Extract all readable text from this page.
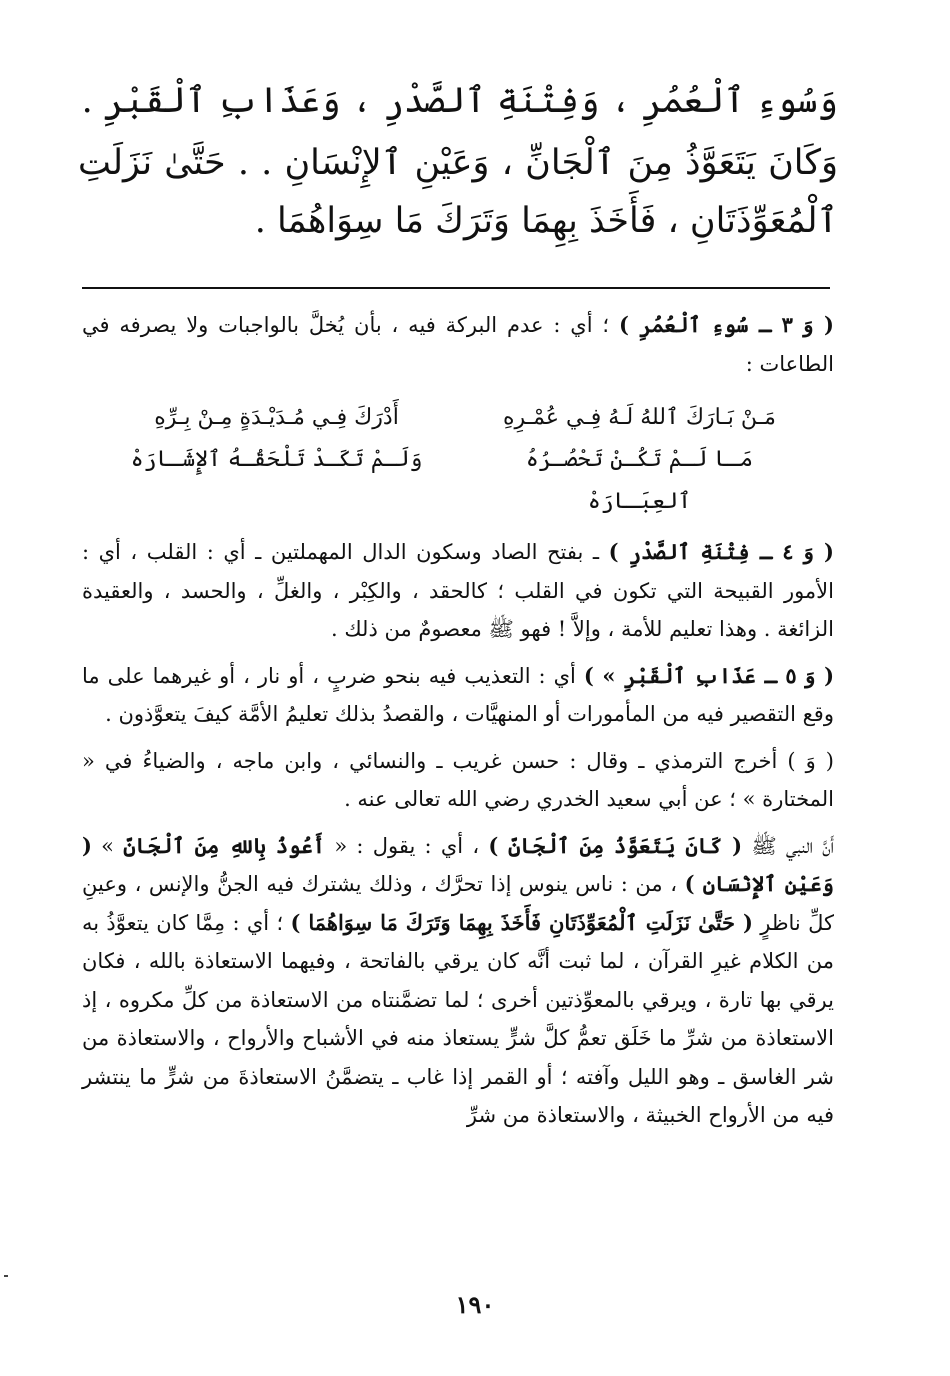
وَسُوءِ ٱلْعُمُرِ ، وَفِتْنَةِ ٱلصَّدْرِ ، وَعَذَابِ ٱلْقَبْرِ .

وَكَانَ يَتَعَوَّذُ مِنَ ٱلْجَانِّ ، وَعَيْنِ ٱلإِنْسَانِ . . حَتَّىٰ نَزَلَتِ ٱلْمُعَوِّذَتَانِ ، فَأَخَذَ بِهِمَا وَتَرَكَ مَا سِوَاهُمَا .

( وَ ٣ ـ سُوءِ ٱلْعُمُرِ ) ؛ أي : عدم البركة فيه ، بأن يُخلَّ بالواجبات ولا يصرفه في الطاعات :

مَـنْ بَـارَكَ ٱللهُ لَـهُ فِـي عُمْـرِهِ
أَدْرَكَ فِـي مُـدَيْـدَةٍ مِـنْ بِـرِّهِ
مَـا لَـمْ تَكُـنْ تَحْصُـرُهُ ٱلعِبَـارَهْ
وَلَـمْ تَكَـدْ تَلْحَقُـهُ ٱلإِشَـارَهْ

( وَ ٤ ـ فِتْنَةِ ٱلصَّدْرِ ) ـ بفتح الصاد وسكون الدال المهملتين ـ أي : القلب ، أي : الأمور القبيحة التي تكون في القلب ؛ كالحقد ، والكِبْر ، والغلِّ ، والحسد ، والعقيدة الزائغة . وهذا تعليم للأمة ، وإلاَّ ! فهو ﷺ معصومٌ من ذلك .

( وَ ٥ ـ عَذَابِ ٱلْقَبْرِ » ) أي : التعذيب فيه بنحو ضربٍ ، أو نار ، أو غيرهما على ما وقع التقصير فيه من المأمورات أو المنهيَّات ، والقصدُ بذلك تعليمُ الأمَّة كيفَ يتعوَّذون .

( وَ ) أخرج الترمذي ـ وقال : حسن غريب ـ والنسائي ، وابن ماجه ، والضياءُ في « المختارة » ؛ عن أبي سعيد الخدري رضي الله تعالى عنه .

أَنَّ النبي ﷺ ( كَانَ يَتَعَوَّذُ مِنَ ٱلْجَانِّ ) ، أي : يقول : « أَعُوذُ بِاللهِ مِنَ ٱلْجَانِّ » ( وَعَيْنِ ٱلإِنْسَانِ ) ، من : ناس ينوس إذا تحرَّك ، وذلك يشترك فيه الجنُّ والإنس ، وعينِ كلِّ ناظرٍ ( حَتَّىٰ نَزَلَتِ ٱلْمُعَوِّذَتَانِ فَأَخَذَ بِهِمَا وَتَرَكَ مَا سِوَاهُمَا ) ؛ أي : مِمَّا كان يتعوَّذُ به من الكلام غيرِ القرآن ، لما ثبت أنَّه كان يرقي بالفاتحة ، وفيهما الاستعاذة بالله ، فكان يرقي بها تارة ، ويرقي بالمعوِّذتين أخرى ؛ لما تضمَّنتاه من الاستعاذة من كلِّ مكروه ، إذ الاستعاذة من شرِّ ما خَلَق تعمُّ كلَّ شرٍّ يستعاذ منه في الأشباح والأرواح ، والاستعاذة من شر الغاسق ـ وهو الليل وآفته ؛ أو القمر إذا غاب ـ يتضمَّنُ الاستعاذةَ من شرٍّ ما ينتشر فيه من الأرواح الخبيثة ، والاستعاذة من شرِّ

١٩٠
